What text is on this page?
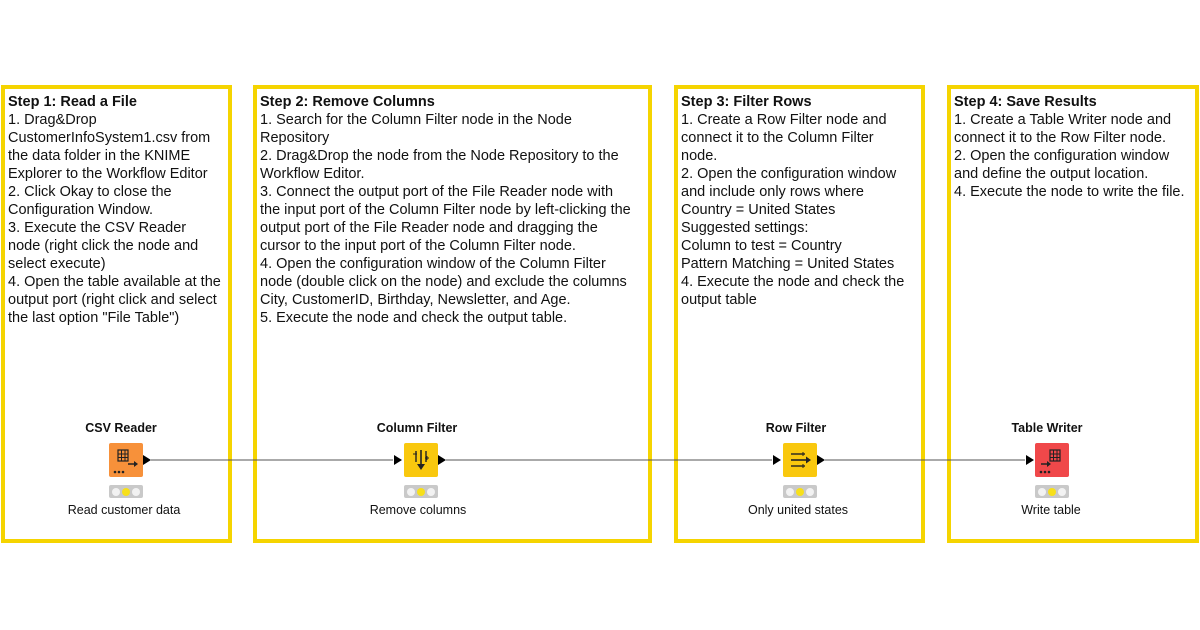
Step 1: Read a File

1. Drag&Drop
CustomerInfoSystem1.csv from
the data folder in the KNIME
Explorer to the Workflow Editor
2. Click Okay to close the
Configuration Window.
3. Execute the CSV Reader
node (right click the node and
select execute)
4. Open the table available at the
output port (right click and select
the last option "File Table")

Step 2: Remove Columns

1. Search for the Column Filter node in the Node
Repository
2. Drag&Drop the node from the Node Repository to the
Workflow Editor.
3. Connect the output port of the File Reader node with
the input port of the Column Filter node by left-clicking the
output port of the File Reader node and dragging the
cursor to the input port of the Column Filter node.
4. Open the configuration window of the Column Filter
node (double click on the node) and exclude the columns
City, CustomerID, Birthday, Newsletter, and Age.
5. Execute the node and check the output table.

Step 3: Filter Rows

1. Create a Row Filter node and
connect it to the Column Filter
node.
2. Open the configuration window
and include only rows where
Country = United States
Suggested settings:
Column to test = Country
Pattern Matching = United States
4. Execute the node and check the
output table

Step 4: Save Results

1. Create a Table Writer node and
connect it to the Row Filter node.
2. Open the configuration window
and define the output location.
4. Execute the node to write the file.
CSV Reader
Read customer data
Column Filter
Remove columns
Row Filter
Only united states
Table Writer
Write table
